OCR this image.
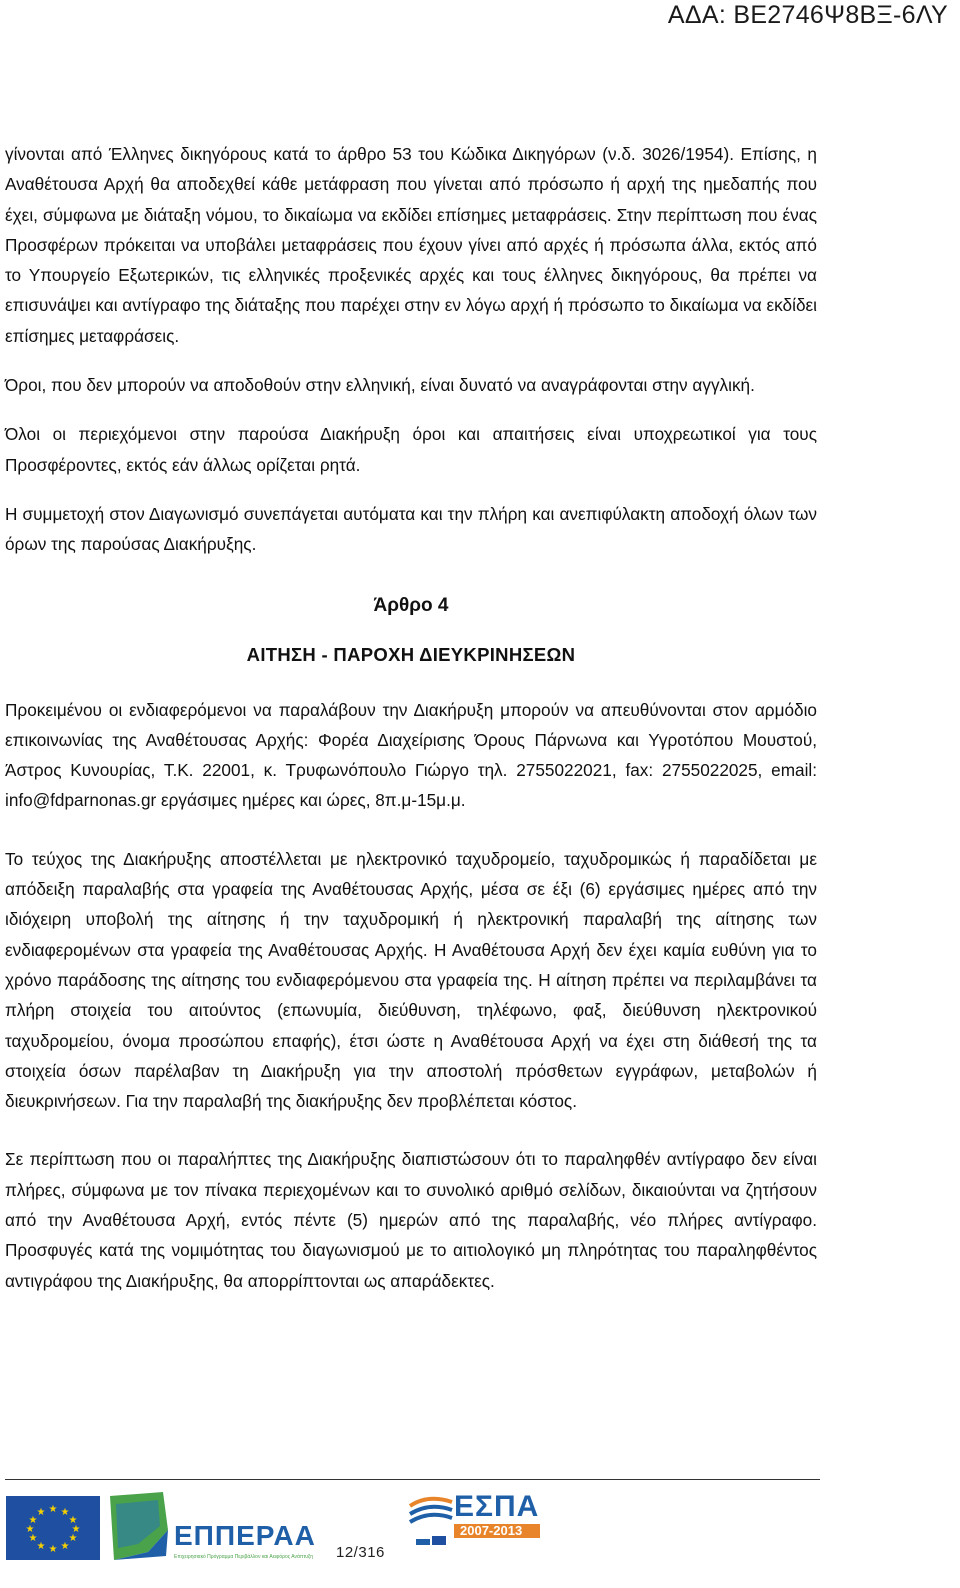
ΑΔΑ: ΒΕ2746Ψ8ΒΞ-6ΛΥ

γίνονται από Έλληνες δικηγόρους κατά το άρθρο 53 του Κώδικα Δικηγόρων (ν.δ. 3026/1954). Επίσης, η Αναθέτουσα Αρχή θα αποδεχθεί κάθε μετάφραση που γίνεται από πρόσωπο ή αρχή της ημεδαπής που έχει, σύμφωνα με διάταξη νόμου, το δικαίωμα να εκδίδει επίσημες μεταφράσεις. Στην περίπτωση που ένας Προσφέρων πρόκειται να υποβάλει μεταφράσεις που έχουν γίνει από αρχές ή πρόσωπα άλλα, εκτός από το Υπουργείο Εξωτερικών, τις ελληνικές προξενικές αρχές και τους έλληνες δικηγόρους, θα πρέπει να επισυνάψει και αντίγραφο της διάταξης που παρέχει στην εν λόγω αρχή ή πρόσωπο το δικαίωμα να εκδίδει επίσημες μεταφράσεις.

Όροι, που δεν μπορούν να αποδοθούν στην ελληνική, είναι δυνατό να αναγράφονται στην αγγλική.

Όλοι οι περιεχόμενοι στην παρούσα Διακήρυξη όροι και απαιτήσεις είναι υποχρεωτικοί για τους Προσφέροντες, εκτός εάν άλλως ορίζεται ρητά.

Η συμμετοχή στον Διαγωνισμό συνεπάγεται αυτόματα και την πλήρη και ανεπιφύλακτη αποδοχή όλων των όρων της παρούσας Διακήρυξης.

Άρθρο 4
ΑΙΤΗΣΗ - ΠΑΡΟΧΗ ΔΙΕΥΚΡΙΝΗΣΕΩΝ

Προκειμένου οι ενδιαφερόμενοι να παραλάβουν την Διακήρυξη μπορούν να απευθύνονται στον αρμόδιο επικοινωνίας της Αναθέτουσας Αρχής: Φορέα Διαχείρισης Όρους Πάρνωνα και Υγροτόπου Μουστού, Άστρος Κυνουρίας, Τ.Κ. 22001, κ. Τρυφωνόπουλο Γιώργο τηλ. 2755022021, fax: 2755022025, email: info@fdparnonas.gr εργάσιμες ημέρες και ώρες, 8π.μ-15μ.μ.

Το τεύχος της Διακήρυξης αποστέλλεται με ηλεκτρονικό ταχυδρομείο, ταχυδρομικώς ή παραδίδεται με απόδειξη παραλαβής στα γραφεία της Αναθέτουσας Αρχής, μέσα σε έξι (6) εργάσιμες ημέρες από την ιδιόχειρη υποβολή της αίτησης ή την ταχυδρομική ή ηλεκτρονική παραλαβή της αίτησης των ενδιαφερομένων στα γραφεία της Αναθέτουσας Αρχής. Η Αναθέτουσα Αρχή δεν έχει καμία ευθύνη για το χρόνο παράδοσης της αίτησης του ενδιαφερόμενου στα γραφεία της. Η αίτηση πρέπει να περιλαμβάνει τα πλήρη στοιχεία του αιτούντος (επωνυμία, διεύθυνση, τηλέφωνο, φαξ, διεύθυνση ηλεκτρονικού ταχυδρομείου, όνομα προσώπου επαφής), έτσι ώστε η Αναθέτουσα Αρχή να έχει στη διάθεσή της τα στοιχεία όσων παρέλαβαν τη Διακήρυξη για την αποστολή πρόσθετων εγγράφων, μεταβολών ή διευκρινήσεων. Για την παραλαβή της διακήρυξης δεν προβλέπεται κόστος.

Σε περίπτωση που οι παραλήπτες της Διακήρυξης διαπιστώσουν ότι το παραληφθέν αντίγραφο δεν είναι πλήρες, σύμφωνα με τον πίνακα περιεχομένων και το συνολικό αριθμό σελίδων, δικαιούνται να ζητήσουν από την Αναθέτουσα Αρχή, εντός πέντε (5) ημερών από της παραλαβής, νέο πλήρες αντίγραφο. Προσφυγές κατά της νομιμότητας του διαγωνισμού με το αιτιολογικό μη πληρότητας του παραληφθέντος αντιγράφου της Διακήρυξης, θα απορρίπτονται ως απαράδεκτες.

★ ★
★
★
★
★
★
★
★
★
★
★
ΕΠΠΕΡΑΑ
Επιχειρησιακό Πρόγραμμα Περιβάλλον και Αειφόρος Ανάπτυξη
ΕΣΠΑ
2007-2013
12/316
